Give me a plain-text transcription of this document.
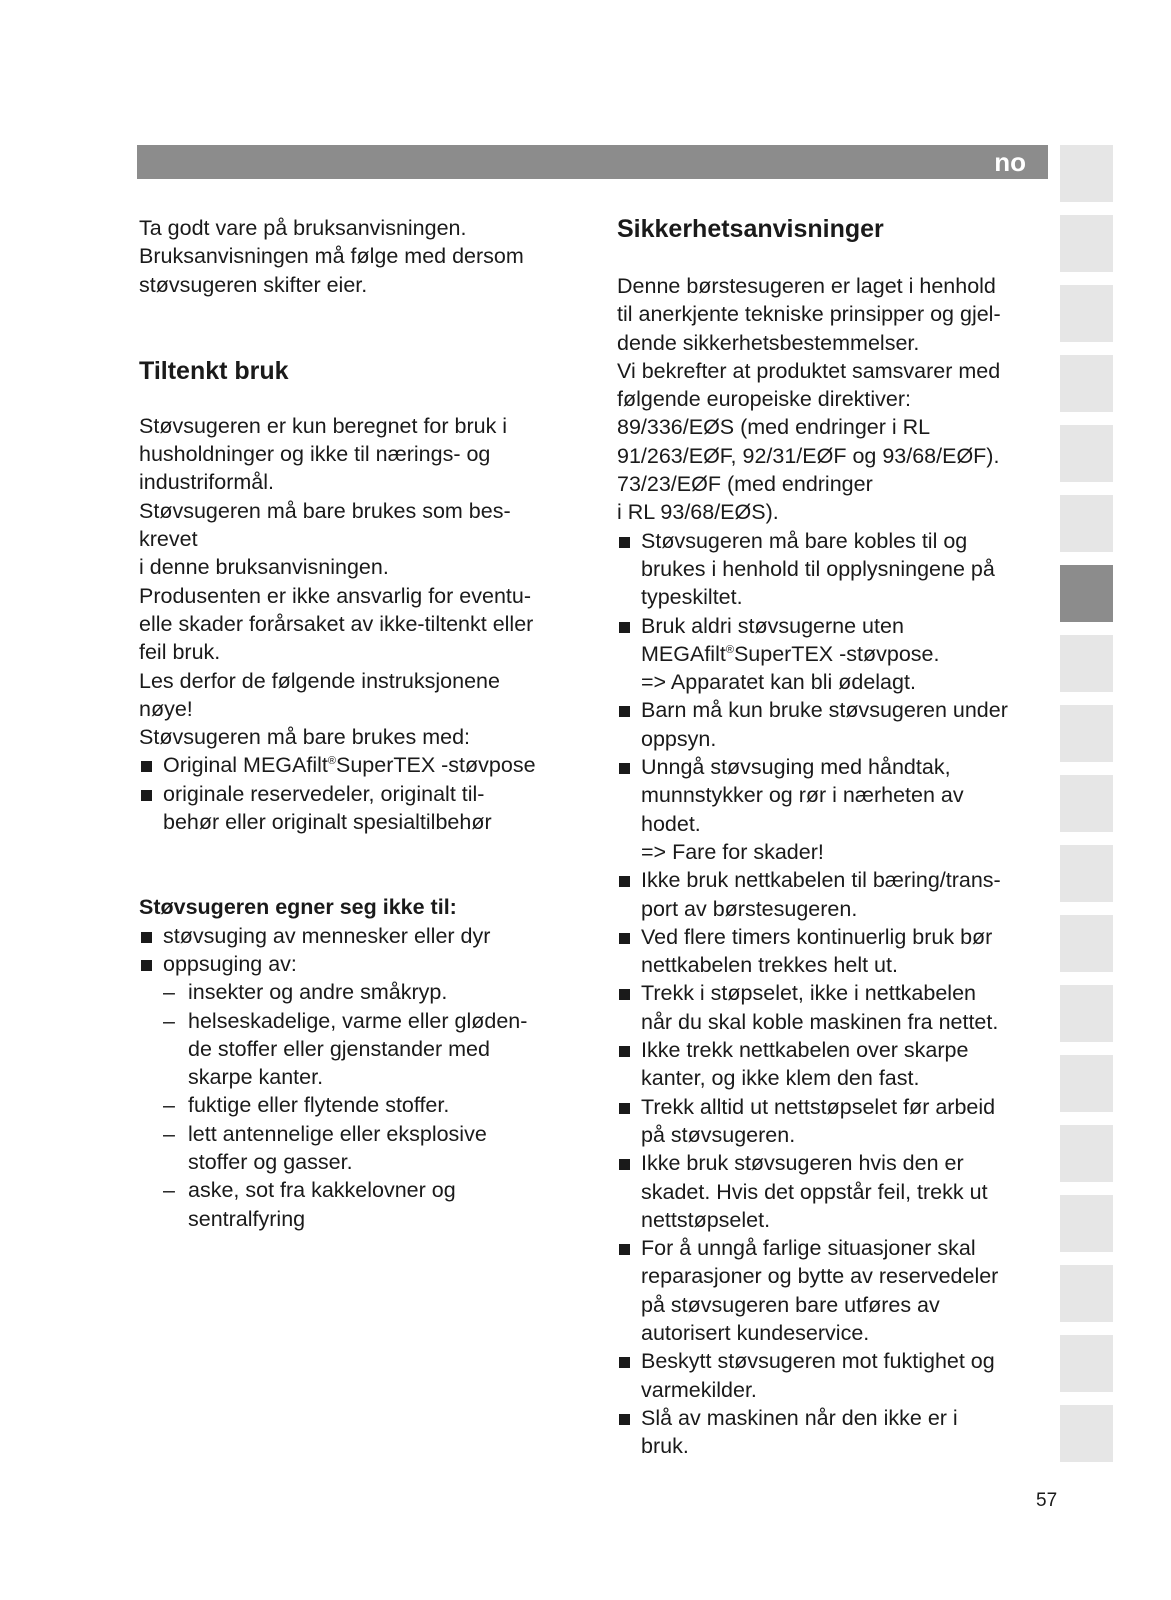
no

Ta godt vare på bruksanvisningen.
Bruksanvisningen må følge med dersom
støvsugeren skifter eier.

Tiltenkt bruk

Støvsugeren er kun beregnet for bruk i
husholdninger og ikke til nærings- og
industriformål.
Støvsugeren må bare brukes som bes-
krevet
i denne bruksanvisningen.
Produsenten er ikke ansvarlig for eventu-
elle skader forårsaket av ikke-tiltenkt eller
feil bruk.
Les derfor de følgende instruksjonene
nøye!
Støvsugeren må bare brukes med:

Original MEGAfilt®SuperTEX -støvpose
originale reservedeler, originalt til-
behør eller originalt spesialtilbehør

Støvsugeren egner seg ikke til:

støvsuging av mennesker eller dyr
oppsuging av:
– insekter og andre småkryp.
– helseskadelige, varme eller gløden-
de stoffer eller gjenstander med
skarpe kanter.
– fuktige eller flytende stoffer.
– lett antennelige eller eksplosive
stoffer og gasser.
– aske, sot fra kakkelovner og
sentralfyring
Sikkerhetsanvisninger

Denne børstesugeren er laget i henhold
til anerkjente tekniske prinsipper og gjel-
dende sikkerhetsbestemmelser.
Vi bekrefter at produktet samsvarer med
følgende europeiske direktiver:
89/336/EØS (med endringer i RL
91/263/EØF, 92/31/EØF og 93/68/EØF).
73/23/EØF (med endringer
i RL 93/68/EØS).

Støvsugeren må bare kobles til og
brukes i henhold til opplysningene på
typeskiltet.
Bruk aldri støvsugerne uten
MEGAfilt®SuperTEX -støvpose.
=> Apparatet kan bli ødelagt.
Barn må kun bruke støvsugeren under
oppsyn.
Unngå støvsuging med håndtak,
munnstykker og rør i nærheten av
hodet.
=> Fare for skader!
Ikke bruk nettkabelen til bæring/trans-
port av børstesugeren.
Ved flere timers kontinuerlig bruk bør
nettkabelen trekkes helt ut.
Trekk i støpselet, ikke i nettkabelen
når du skal koble maskinen fra nettet.
Ikke trekk nettkabelen over skarpe
kanter, og ikke klem den fast.
Trekk alltid ut nettstøpselet før arbeid
på støvsugeren.
Ikke bruk støvsugeren hvis den er
skadet. Hvis det oppstår feil, trekk ut
nettstøpselet.
For å unngå farlige situasjoner skal
reparasjoner og bytte av reservedeler
på støvsugeren bare utføres av
autorisert kundeservice.
Beskytt støvsugeren mot fuktighet og
varmekilder.
Slå av maskinen når den ikke er i
bruk.
57
